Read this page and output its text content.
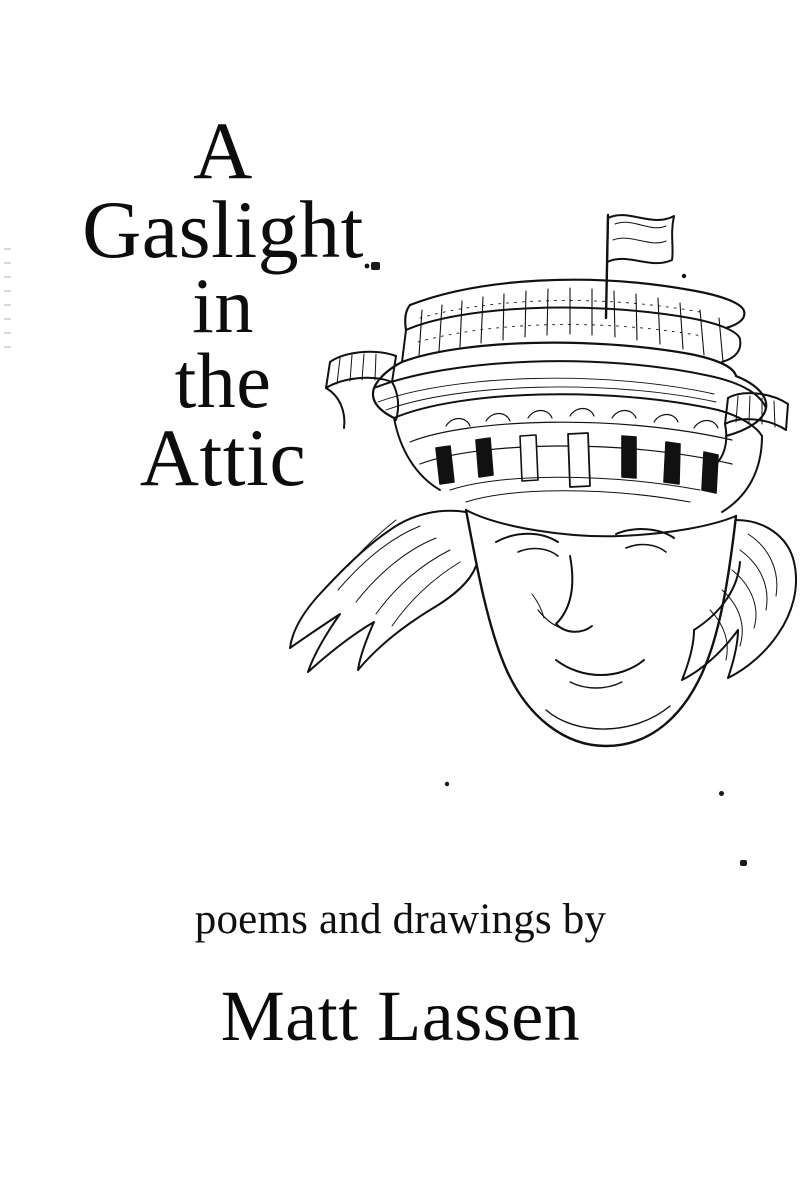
A
Gaslight
in
the
Attic
poems and drawings by
Matt Lassen
